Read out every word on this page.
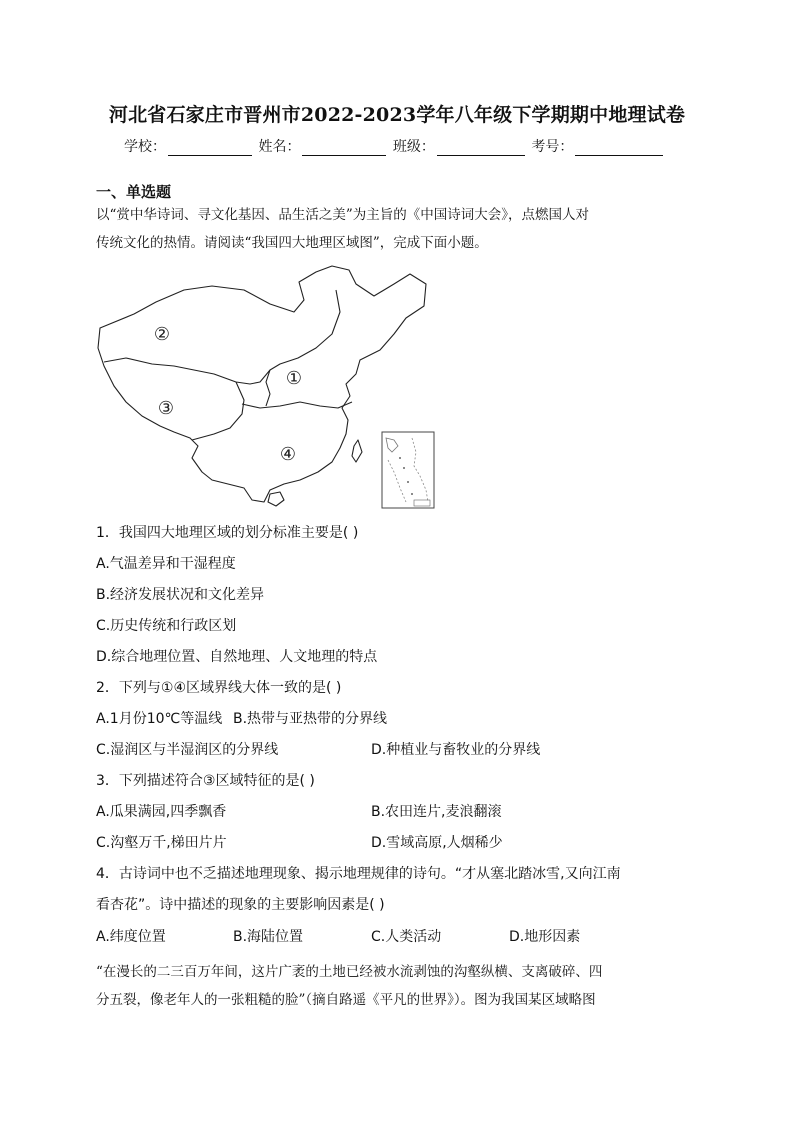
河北省石家庄市晋州市2022-2023学年八年级下学期期中地理试卷
学校：	姓名：	班级：	考号：
一、单选题
以“赏中华诗词、寻文化基因、品生活之美”为主旨的《中国诗词大会》，点燃国人对
传统文化的热情。请阅读“我国四大地理区域图”，完成下面小题。
②
①
③
④
1．我国四大地理区域的划分标准主要是( )
A.气温差异和干湿程度
B.经济发展状况和文化差异
C.历史传统和行政区划
D.综合地理位置、自然地理、人文地理的特点
2．下列与①④区域界线大体一致的是( )
A.1月份10℃等温线 B.热带与亚热带的分界线
C.湿润区与半湿润区的分界线	D.种植业与畜牧业的分界线
3．下列描述符合③区域特征的是( )
A.瓜果满园,四季飘香	B.农田连片,麦浪翻滚
C.沟壑万千,梯田片片	D.雪域高原,人烟稀少
4．古诗词中也不乏描述地理现象、揭示地理规律的诗句。“才从塞北踏冰雪,又向江南
看杏花”。诗中描述的现象的主要影响因素是( )
A.纬度位置	B.海陆位置	C.人类活动	D.地形因素
“在漫长的二三百万年间，这片广袤的土地已经被水流剥蚀的沟壑纵横、支离破碎、四
分五裂，像老年人的一张粗糙的脸”（摘自路遥《平凡的世界》）。图为我国某区域略图
